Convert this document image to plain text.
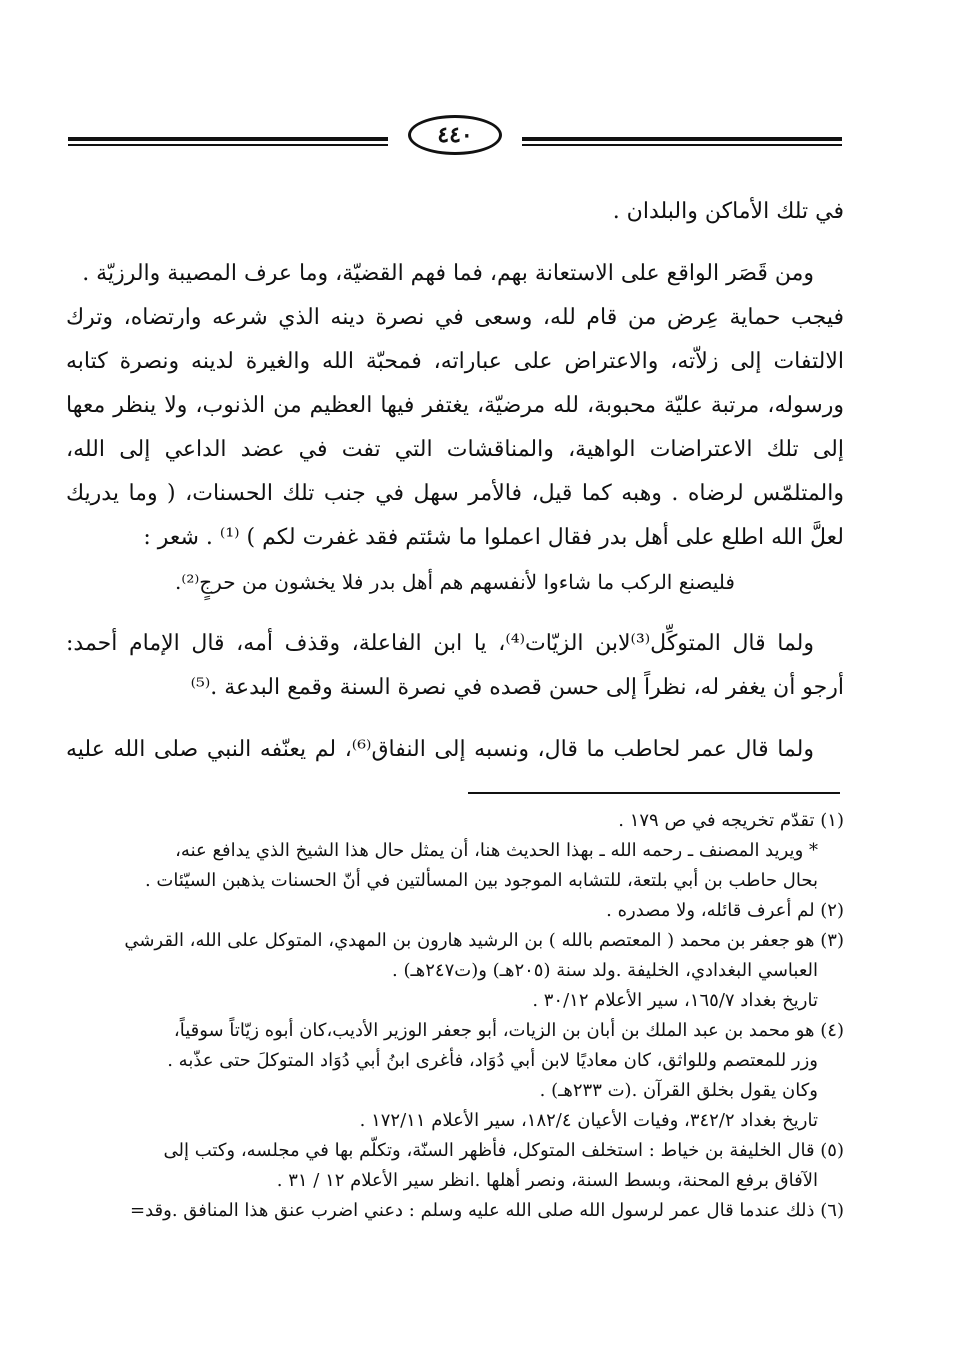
٤٤٠
في تلك الأماكن والبلدان .
ومن قَصَر الواقع على الاستعانة بهم، فما فهم القضيّة، وما عرف المصيبة والرزيّة .
فيجب حماية عِرض من قام لله، وسعى في نصرة دينه الذي شرعه وارتضاه، وترك
الالتفات إلى زلاّته، والاعتراض على عباراته، فمحبّة الله والغيرة لدينه ونصرة كتابه
ورسوله، مرتبة عليّة محبوبة، لله مرضيّة، يغتفر فيها العظيم من الذنوب، ولا ينظر معها
إلى تلك الاعتراضات الواهية، والمناقشات التي تفت في عضد الداعي إلى الله،
والمتلمّس لرضاه . وهبه كما قيل، فالأمر سهل في جنب تلك الحسنات، ( وما يدريك
لعلَّ الله اطلع على أهل بدر فقال اعملوا ما شئتم فقد غفرت لكم ) ⁽¹⁾ . شعر :
فليصنع الركب ما شاءوا لأنفسهم هم أهل بدر فلا يخشون من حرجٍ⁽²⁾.
ولما قال المتوكِّل⁽³⁾لابن الزيّات⁽⁴⁾، يا ابن الفاعلة، وقذف أمه، قال الإمام أحمد:
أرجو أن يغفر له، نظراً إلى حسن قصده في نصرة السنة وقمع البدعة .⁽⁵⁾
ولما قال عمر لحاطب ما قال، ونسبه إلى النفاق⁽⁶⁾، لم يعنّفه النبي صلى الله عليه
(١) تقدّم تخريجه في ص ١٧٩ .
* ويريد المصنف ـ رحمه الله ـ بهذا الحديث هنا، أن يمثل حال هذا الشيخ الذي يدافع عنه،
بحال حاطب بن أبي بلتعة، للتشابه الموجود بين المسألتين في أنّ الحسنات يذهبن السيّئات .
(٢) لم أعرف قائله، ولا مصدره .
(٣) هو جعفر بن محمد ( المعتصم بالله ) بن الرشيد هارون بن المهدي، المتوكل على الله، القرشي
العباسي البغدادي، الخليفة .ولد سنة (٢٠٥هـ) و(ت٢٤٧هـ) .
تاريخ بغداد ١٦٥/٧، سير الأعلام ٣٠/١٢ .
(٤) هو محمد بن عبد الملك بن أبان بن الزيات، أبو جعفر الوزير الأديب،كان أبوه زيّاتاً سوقياً،
وزر للمعتصم وللواثق، كان معاديًا لابن أبي دُوَاد، فأغرى ابنُ أبي دُوَاد المتوكلَ حتى عذّبه .
وكان يقول بخلق القرآن .(ت ٢٣٣هـ) .
تاريخ بغداد ٣٤٢/٢، وفيات الأعيان ١٨٢/٤، سير الأعلام ١٧٢/١١ .
(٥) قال الخليفة بن خياط : استخلف المتوكل، فأظهر السنّة، وتكلّم بها في مجلسه، وكتب إلى
الآفاق برفع المحنة، وبسط السنة، ونصر أهلها .انظر سير الأعلام ١٢ / ٣١ .
(٦) ذلك عندما قال عمر لرسول الله صلى الله عليه وسلم : دعني اضرب عنق هذا المنافق .وقد=
